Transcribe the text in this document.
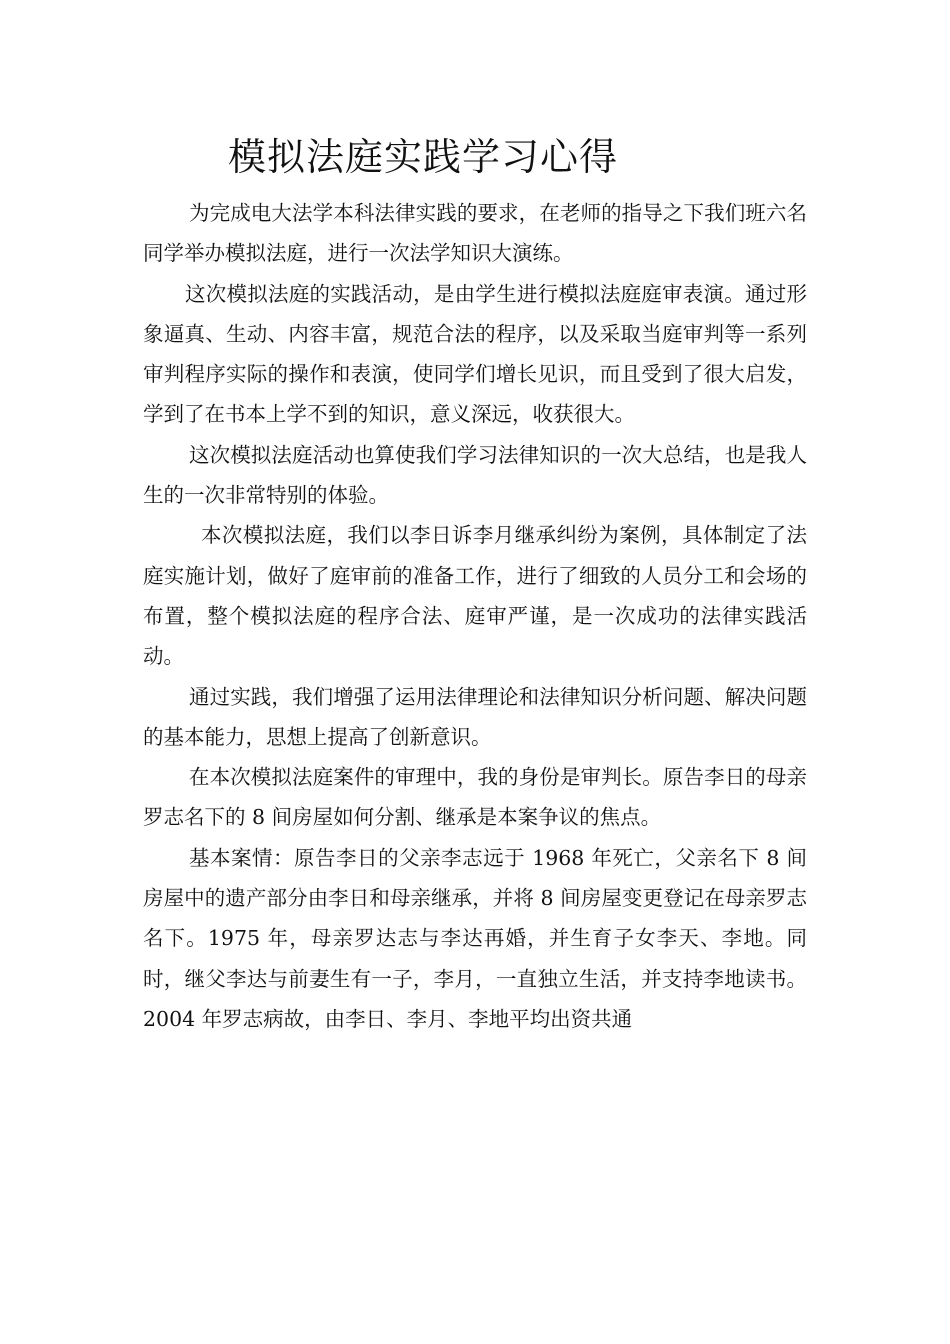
模拟法庭实践学习心得

为完成电大法学本科法律实践的要求，在老师的指导之下我们班六名同学举办模拟法庭，进行一次法学知识大演练。

这次模拟法庭的实践活动，是由学生进行模拟法庭庭审表演。通过形象逼真、生动、内容丰富，规范合法的程序，以及采取当庭审判等一系列审判程序实际的操作和表演，使同学们增长见识，而且受到了很大启发，学到了在书本上学不到的知识，意义深远，收获很大。

这次模拟法庭活动也算使我们学习法律知识的一次大总结，也是我人生的一次非常特别的体验。

本次模拟法庭，我们以李日诉李月继承纠纷为案例，具体制定了法庭实施计划，做好了庭审前的准备工作，进行了细致的人员分工和会场的布置，整个模拟法庭的程序合法、庭审严谨，是一次成功的法律实践活动。

通过实践，我们增强了运用法律理论和法律知识分析问题、解决问题的基本能力，思想上提高了创新意识。

在本次模拟法庭案件的审理中，我的身份是审判长。原告李日的母亲罗志名下的 8 间房屋如何分割、继承是本案争议的焦点。

基本案情：原告李日的父亲李志远于 1968 年死亡，父亲名下 8 间房屋中的遗产部分由李日和母亲继承，并将 8 间房屋变更登记在母亲罗志名下。1975 年，母亲罗达志与李达再婚，并生育子女李天、李地。同时，继父李达与前妻生有一子，李月，一直独立生活，并支持李地读书。2004 年罗志病故，由李日、李月、李地平均出资共通
